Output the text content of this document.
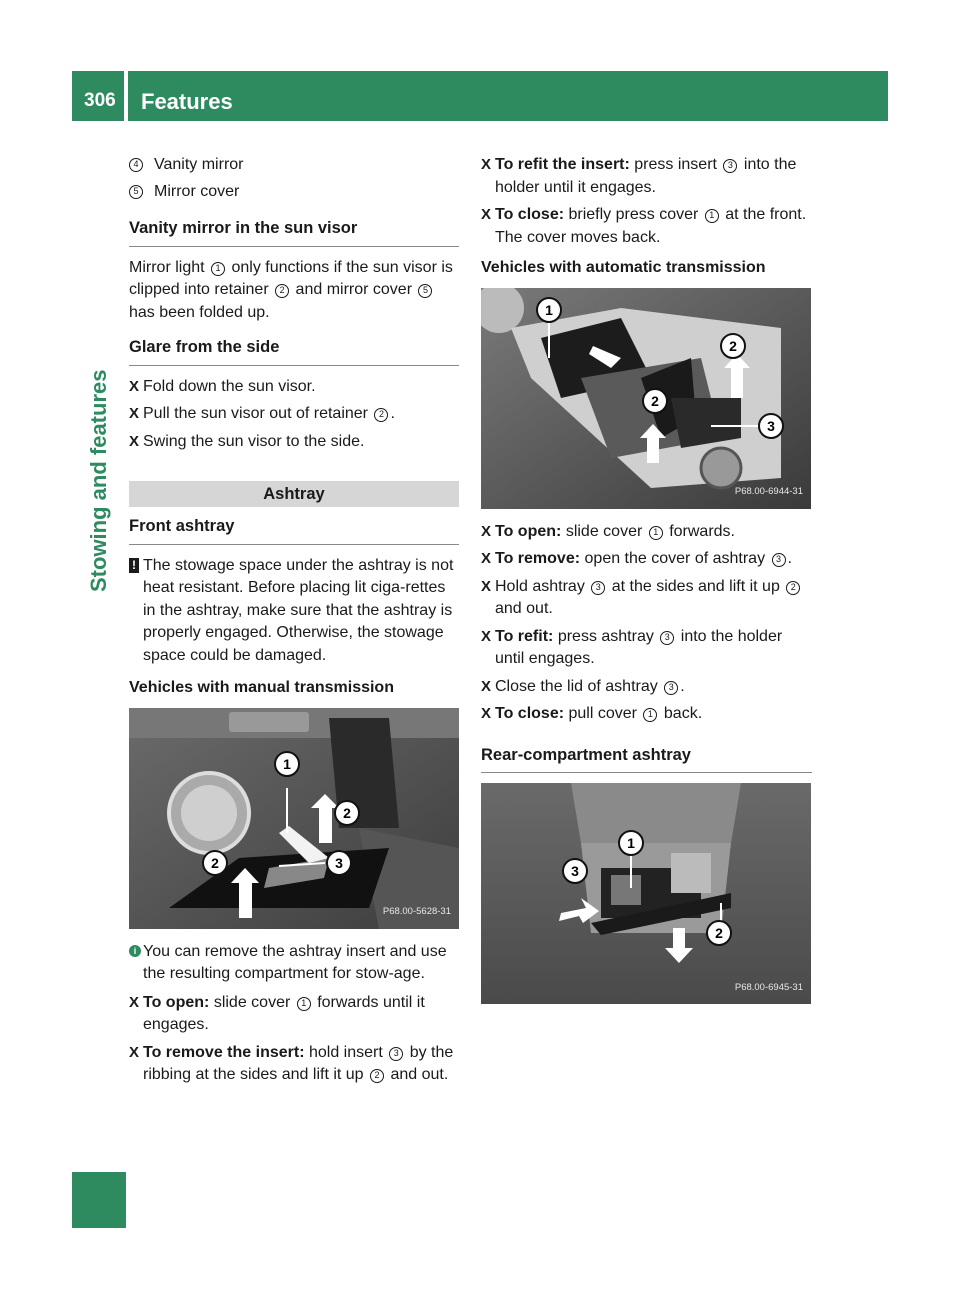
306 Features
Stowing and features
4 Vanity mirror
5 Mirror cover
Vanity mirror in the sun visor
Mirror light 1 only functions if the sun visor is clipped into retainer 2 and mirror cover 5 has been folded up.
Glare from the side
X Fold down the sun visor.
X Pull the sun visor out of retainer 2 .
X Swing the sun visor to the side.
Ashtray
Front ashtray
! The stowage space under the ashtray is not heat resistant. Before placing lit ciga-rettes in the ashtray, make sure that the ashtray is properly engaged. Otherwise, the stowage space could be damaged.
Vehicles with manual transmission
1
2
2	3
P68.00-5628-31
i You can remove the ashtray insert and use the resulting compartment for stow-age.
X To open: slide cover 1 forwards until it engages.
X To remove the insert: hold insert 3 by the ribbing at the sides and lift it up 2 and out.
X To refit the insert: press insert 3 into the holder until it engages.
X To close: briefly press cover 1 at the front.
The cover moves back.
Vehicles with automatic transmission
1
2
2
3
P68.00-6944-31
X To open: slide cover 1 forwards.
X To remove: open the cover of ashtray 3 .
X Hold ashtray 3 at the sides and lift it up 2 and out.
X To refit: press ashtray 3 into the holder until engages.
X Close the lid of ashtray 3 .
X To close: pull cover 1 back.
Rear-compartment ashtray
1
3
2
P68.00-6945-31
